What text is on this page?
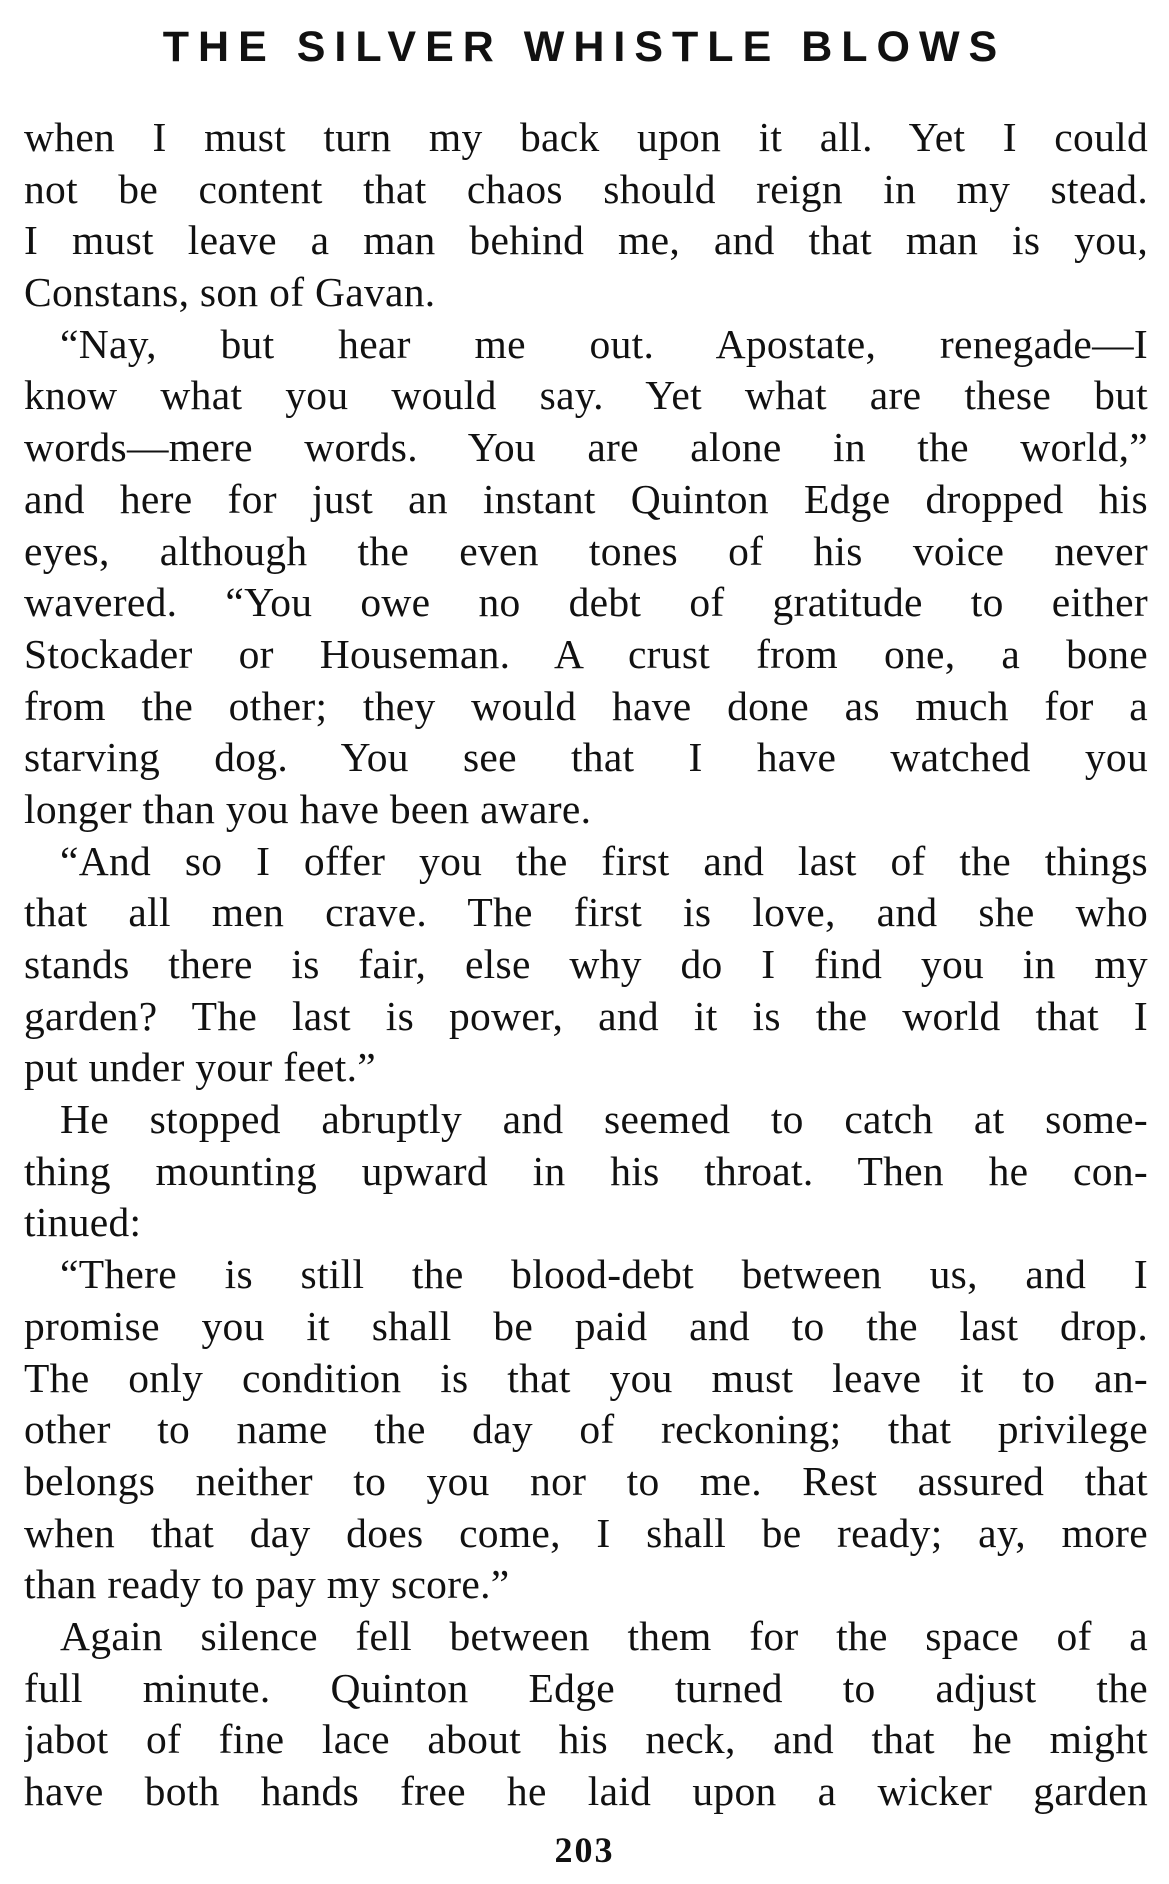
THE SILVER WHISTLE BLOWS
when I must turn my back upon it all. Yet I could
not be content that chaos should reign in my stead.
I must leave a man behind me, and that man is you,
Constans, son of Gavan.
“Nay, but hear me out. Apostate, renegade—I
know what you would say. Yet what are these but
words—mere words. You are alone in the world,”
and here for just an instant Quinton Edge dropped his
eyes, although the even tones of his voice never
wavered. “You owe no debt of gratitude to either
Stockader or Houseman. A crust from one, a bone
from the other; they would have done as much for a
starving dog. You see that I have watched you
longer than you have been aware.
“And so I offer you the first and last of the things
that all men crave. The first is love, and she who
stands there is fair, else why do I find you in my
garden? The last is power, and it is the world that I
put under your feet.”
He stopped abruptly and seemed to catch at some-
thing mounting upward in his throat. Then he con-
tinued:
“There is still the blood-debt between us, and I
promise you it shall be paid and to the last drop.
The only condition is that you must leave it to an-
other to name the day of reckoning; that privilege
belongs neither to you nor to me. Rest assured that
when that day does come, I shall be ready; ay, more
than ready to pay my score.”
Again silence fell between them for the space of a
full minute. Quinton Edge turned to adjust the
jabot of fine lace about his neck, and that he might
have both hands free he laid upon a wicker garden
203
